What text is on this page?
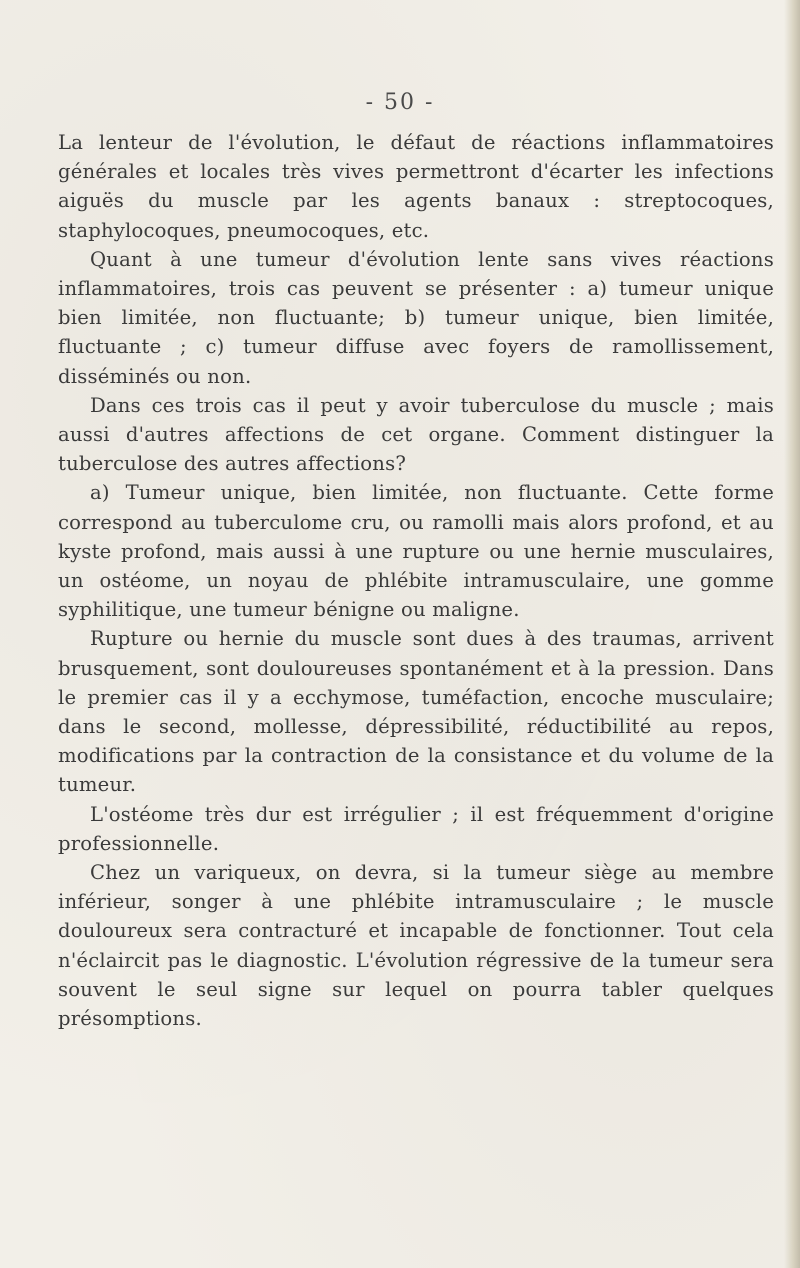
- 50 -

La lenteur de l'évolution, le défaut de réactions inflammatoires générales et locales très vives permettront d'écarter les infections aiguës du muscle par les agents banaux : streptocoques, staphylocoques, pneumocoques, etc.

Quant à une tumeur d'évolution lente sans vives réactions inflammatoires, trois cas peuvent se présenter : a) tumeur unique bien limitée, non fluctuante; b) tumeur unique, bien limitée, fluctuante ; c) tumeur diffuse avec foyers de ramollissement, disséminés ou non.

Dans ces trois cas il peut y avoir tuberculose du muscle ; mais aussi d'autres affections de cet organe. Comment distinguer la tuberculose des autres affections?

a) Tumeur unique, bien limitée, non fluctuante. Cette forme correspond au tuberculome cru, ou ramolli mais alors profond, et au kyste profond, mais aussi à une rupture ou une hernie musculaires, un ostéome, un noyau de phlébite intramusculaire, une gomme syphilitique, une tumeur bénigne ou maligne.

Rupture ou hernie du muscle sont dues à des traumas, arrivent brusquement, sont douloureuses spontanément et à la pression. Dans le premier cas il y a ecchymose, tuméfaction, encoche musculaire; dans le second, mollesse, dépressibilité, réductibilité au repos, modifications par la contraction de la consistance et du volume de la tumeur.

L'ostéome très dur est irrégulier ; il est fréquemment d'origine professionnelle.

Chez un variqueux, on devra, si la tumeur siège au membre inférieur, songer à une phlébite intramusculaire ; le muscle douloureux sera contracturé et incapable de fonctionner. Tout cela n'éclaircit pas le diagnostic. L'évolution régressive de la tumeur sera souvent le seul signe sur lequel on pourra tabler quelques présomptions.
